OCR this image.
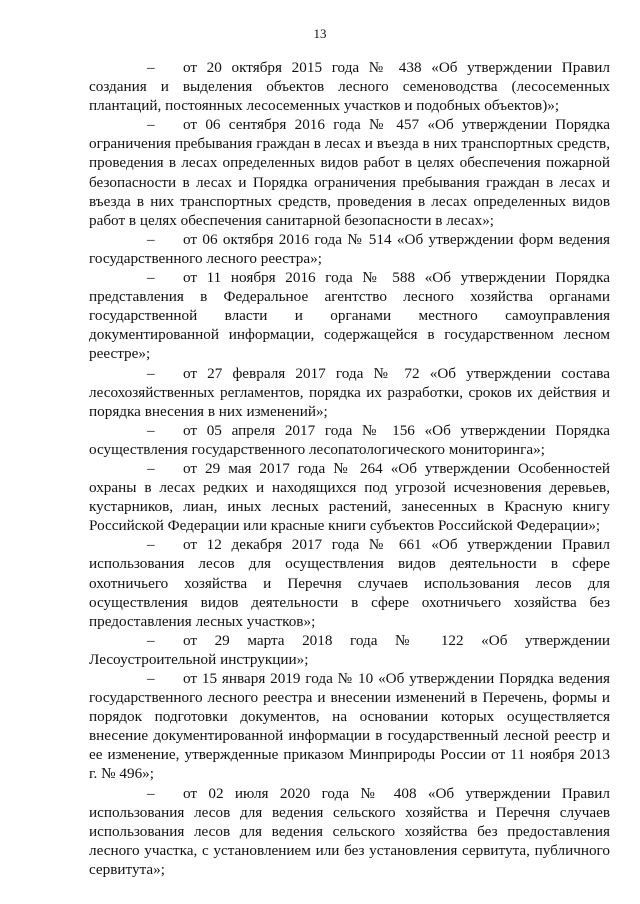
13

– от 20 октября 2015 года № 438 «Об утверждении Правил создания и выделения объектов лесного семеноводства (лесосеменных плантаций, постоянных лесосеменных участков и подобных объектов)»;

– от 06 сентября 2016 года № 457 «Об утверждении Порядка ограничения пребывания граждан в лесах и въезда в них транспортных средств, проведения в лесах определенных видов работ в целях обеспечения пожарной безопасности в лесах и Порядка ограничения пребывания граждан в лесах и въезда в них транспортных средств, проведения в лесах определенных видов работ в целях обеспечения санитарной безопасности в лесах»;

– от 06 октября 2016 года № 514 «Об утверждении форм ведения государственного лесного реестра»;

– от 11 ноября 2016 года № 588 «Об утверждении Порядка представления в Федеральное агентство лесного хозяйства органами государственной власти и органами местного самоуправления документированной информации, содержащейся в государственном лесном реестре»;

– от 27 февраля 2017 года № 72 «Об утверждении состава лесохозяйственных регламентов, порядка их разработки, сроков их действия и порядка внесения в них изменений»;

– от 05 апреля 2017 года № 156 «Об утверждении Порядка осуществления государственного лесопатологического мониторинга»;

– от 29 мая 2017 года № 264 «Об утверждении Особенностей охраны в лесах редких и находящихся под угрозой исчезновения деревьев, кустарников, лиан, иных лесных растений, занесенных в Красную книгу Российской Федерации или красные книги субъектов Российской Федерации»;

– от 12 декабря 2017 года № 661 «Об утверждении Правил использования лесов для осуществления видов деятельности в сфере охотничьего хозяйства и Перечня случаев использования лесов для осуществления видов деятельности в сфере охотничьего хозяйства без предоставления лесных участков»;

– от 29 марта 2018 года № 122 «Об утверждении Лесоустроительной инструкции»;

– от 15 января 2019 года № 10 «Об утверждении Порядка ведения государственного лесного реестра и внесении изменений в Перечень, формы и порядок подготовки документов, на основании которых осуществляется внесение документированной информации в государственный лесной реестр и ее изменение, утвержденные приказом Минприроды России от 11 ноября 2013 г. № 496»;

– от 02 июля 2020 года № 408 «Об утверждении Правил использования лесов для ведения сельского хозяйства и Перечня случаев использования лесов для ведения сельского хозяйства без предоставления лесного участка, с установлением или без установления сервитута, публичного сервитута»;
